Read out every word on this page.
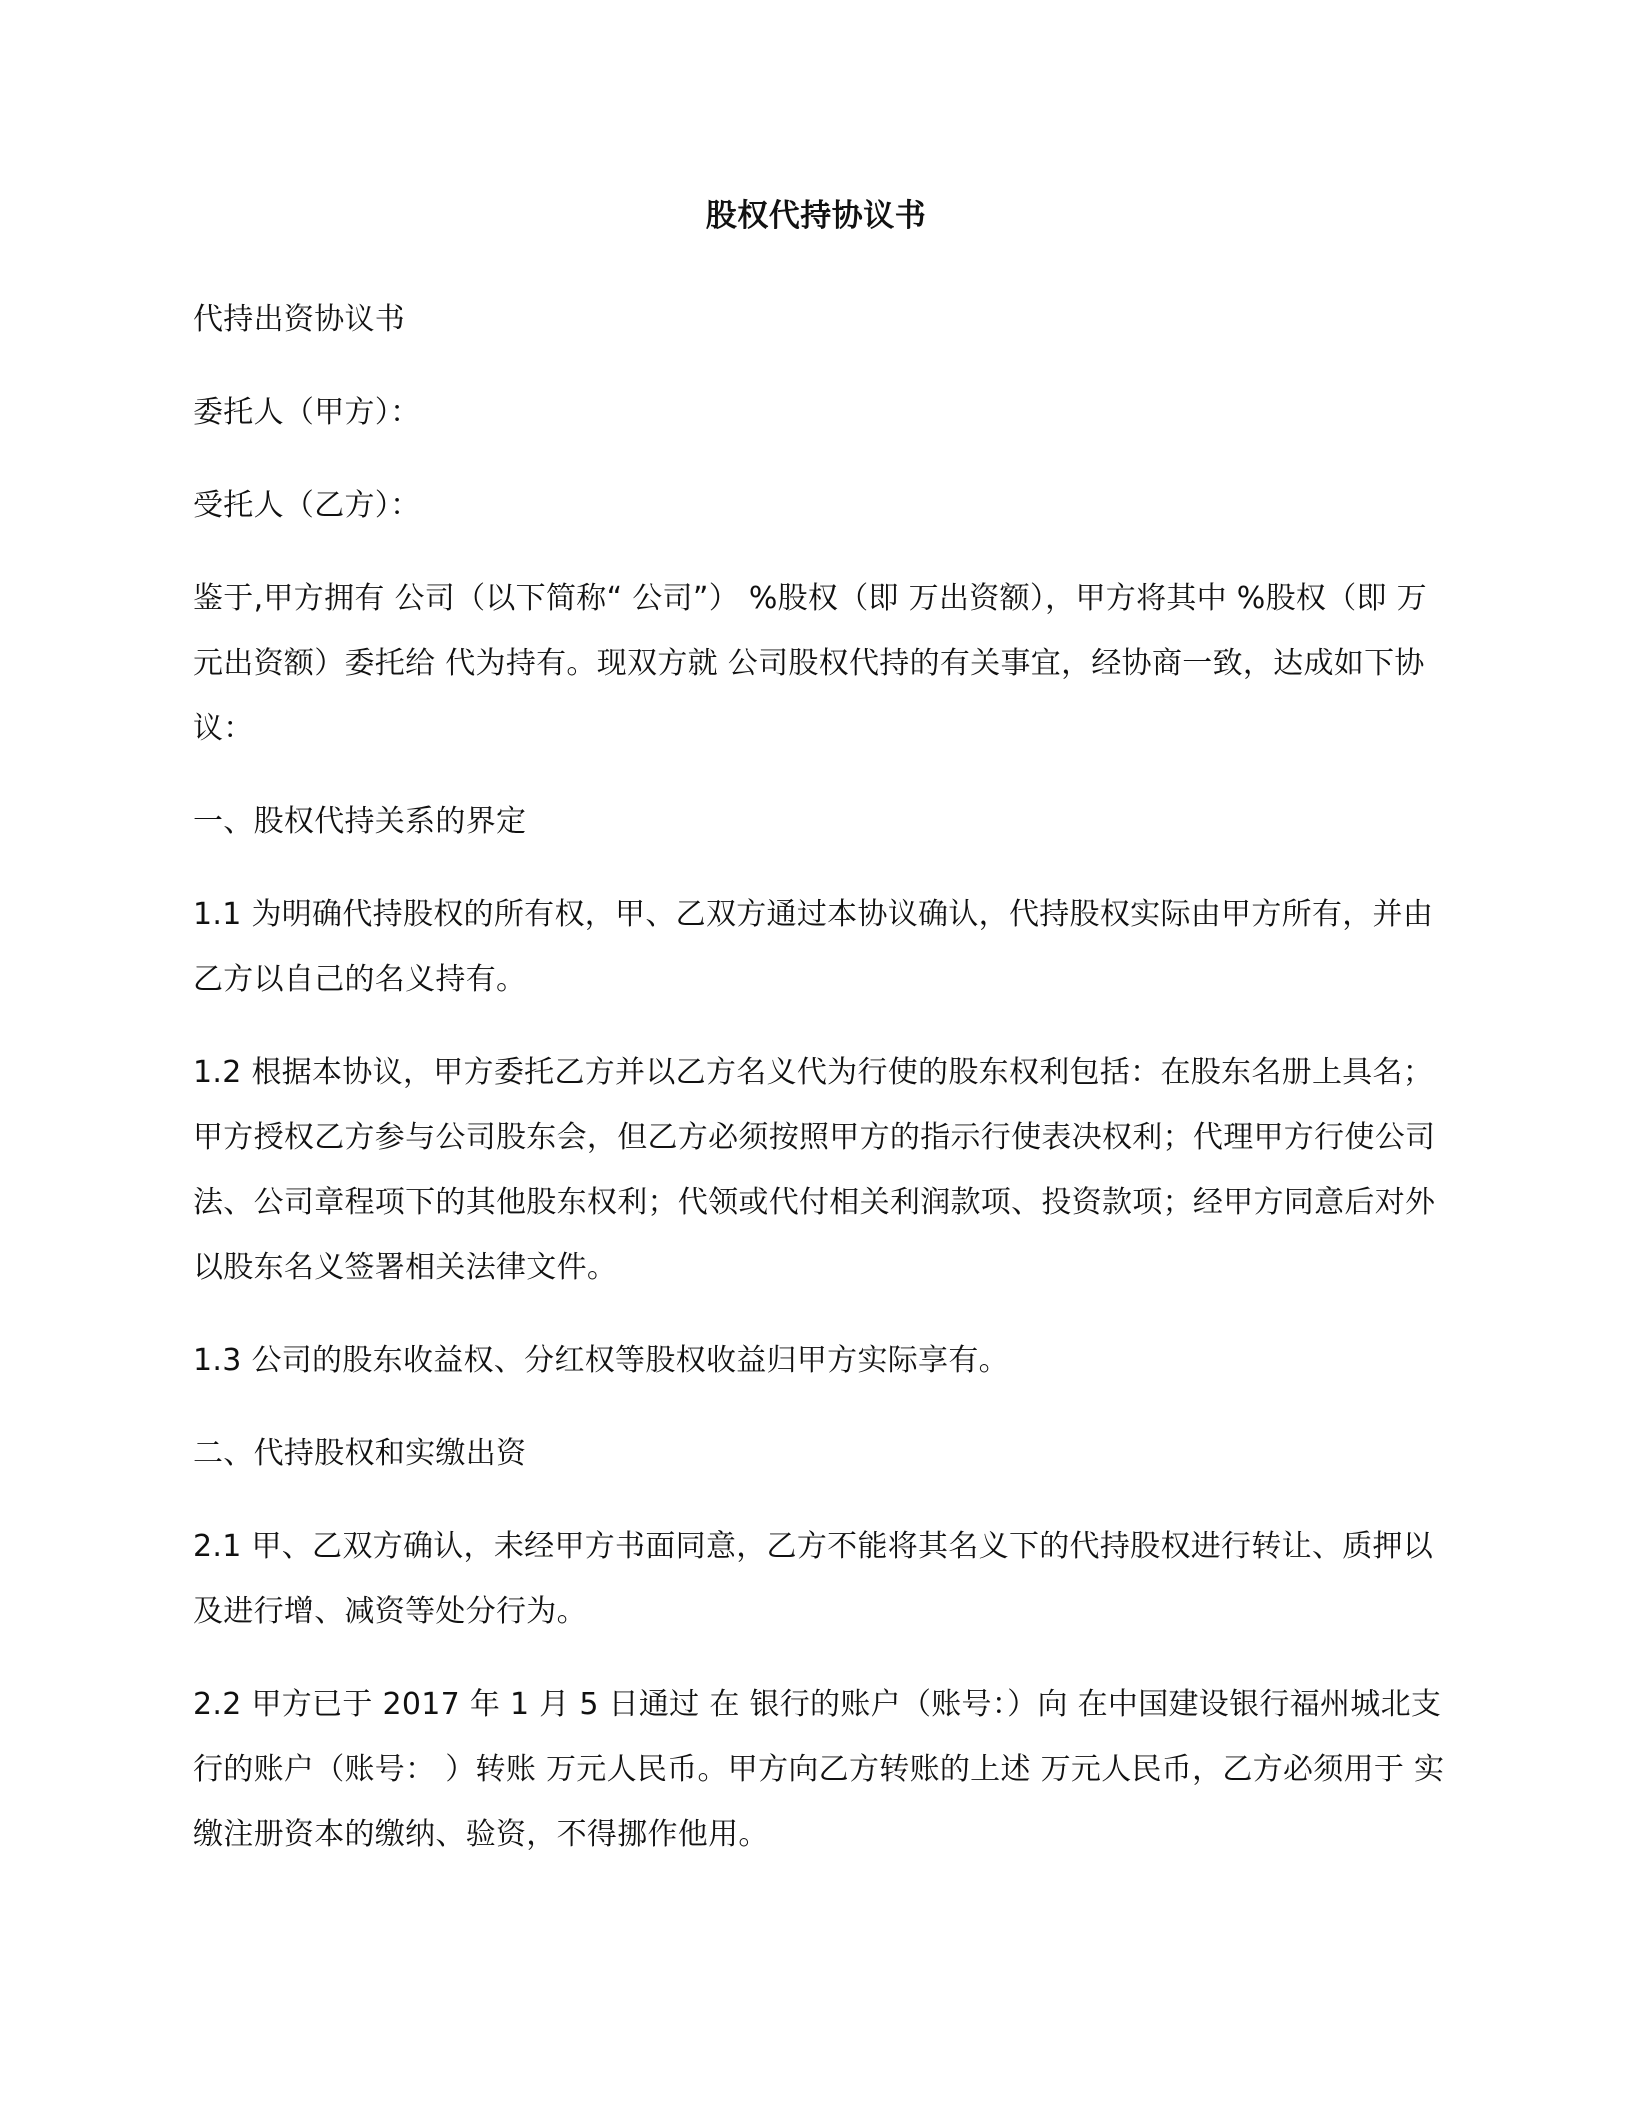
股权代持协议书

代持出资协议书

委托人（甲方）：

受托人（乙方）：

鉴于,甲方拥有 公司（以下简称“ 公司”） %股权（即 万出资额），甲方将其中 %股权（即 万元出资额）委托给 代为持有。现双方就 公司股权代持的有关事宜，经协商一致，达成如下协议：

一、股权代持关系的界定

1.1 为明确代持股权的所有权，甲、乙双方通过本协议确认，代持股权实际由甲方所有，并由乙方以自己的名义持有。

1.2 根据本协议，甲方委托乙方并以乙方名义代为行使的股东权利包括：在股东名册上具名；甲方授权乙方参与公司股东会，但乙方必须按照甲方的指示行使表决权利；代理甲方行使公司法、公司章程项下的其他股东权利；代领或代付相关利润款项、投资款项；经甲方同意后对外以股东名义签署相关法律文件。

1.3 公司的股东收益权、分红权等股权收益归甲方实际享有。

二、代持股权和实缴出资

2.1 甲、乙双方确认，未经甲方书面同意，乙方不能将其名义下的代持股权进行转让、质押以及进行增、减资等处分行为。

2.2 甲方已于 2017 年 1 月 5 日通过 在 银行的账户（账号：）向 在中国建设银行福州城北支行的账户（账号： ）转账 万元人民币。甲方向乙方转账的上述 万元人民币，乙方必须用于 实缴注册资本的缴纳、验资，不得挪作他用。
